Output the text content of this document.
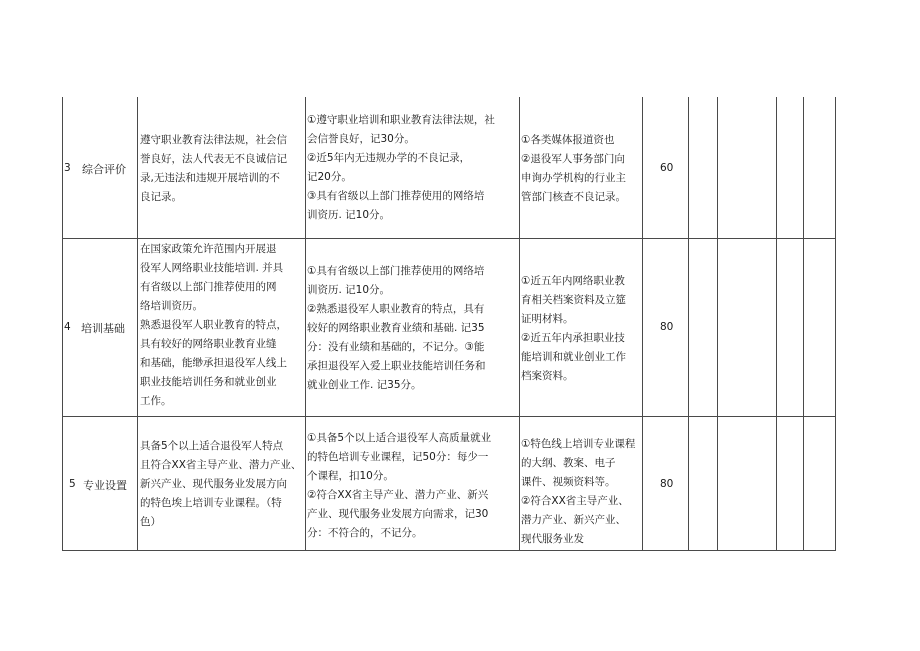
3 综合评价
遵守职业教育法律法规，社会信
誉良好，法人代表无不良诚信记
录,无违法和违规开展培训的不
良记录。
①遵守职业培训和职业教育法律法规，社
会信誉良好，记30分。
②近5年内无违规办学的不良记录，
记20分。
③具有省级以上部门推荐使用的网络培
训资历. 记10分。
①各类媒体报道资也
②退役军人事务部门向
申询办学机构的行业主
管部门核查不良记录。
60
4 培训基础
在国家政策允许范围内开展退
役军人网络职业技能培训. 并具
有省级以上部门推荐使用的网
络培训资历。
熟悉退役军人职业教育的特点，
具有较好的网络职业教育业缝
和基础，能缈承担退役军人线上
职业技能培训任务和就业创业
工作。
①具有省级以上部门推荐使用的网络培
训资历. 记10分。
②熟悉退役军人职业教育的特点，具有
较好的网络职业教育业绩和基础. 记35
分：没有业绩和基础的，不记分。③能
承担退役军入爱上职业技能培训任务和
就业创业工作. 记35分。
①近五年内网络职业教
育相关档案资料及立筵
证明材料。
②近五年内承担职业技
能培训和就业创业工作
档案资料。
80
5 专业设置
具备5个以上适合退役军人特点
且符合XX省主导产业、潜力产业、
新兴产业、现代服务业发展方向
的特色埃上培训专业课程。（特
色）
①具备5个以上适合退役军人高质量就业
的特色培训专业课程，记50分：每少一
个课程，扣10分。
②符合XX省主导产业、潜力产业、新兴
产业、现代服务业发展方向需求，记30
分：不符合的，不记分。
①特色线上培训专业课程
的大纲、教案、电子
课件、视频资料等。
②符合XX省主导产业、
潜力产业、新兴产业、
现代服务业发
80
